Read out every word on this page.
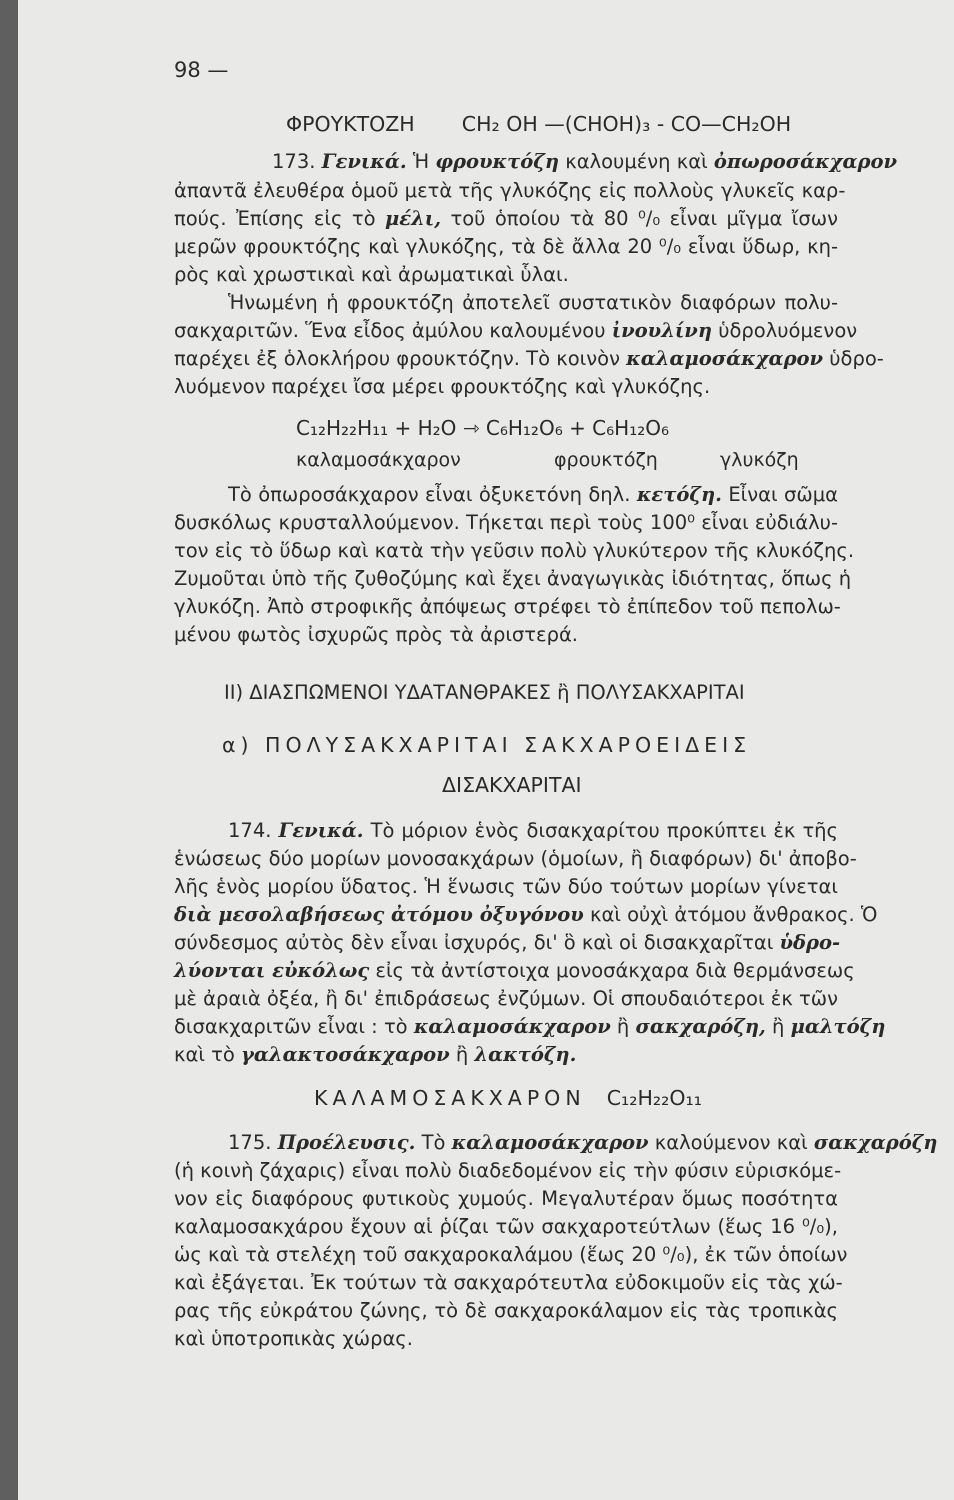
98 —
ΦΡΟΥΚΤΟΖΗ CH₂ OH —(CHOH)₃ - CO—CH₂OH
173. Γενικά. Ἡ φρουκτόζη καλουμένη καὶ ὀπωροσάκχαρον
ἀπαντᾶ ἐλευθέρα ὁμοῦ μετὰ τῆς γλυκόζης εἰς πολλοὺς γλυκεῖς καρ-
πούς. Ἐπίσης εἰς τὸ μέλι, τοῦ ὁποίου τὰ 80 ⁰/₀ εἶναι μῖγμα ἴσων
μερῶν φρουκτόζης καὶ γλυκόζης, τὰ δὲ ἄλλα 20 ⁰/₀ εἶναι ὕδωρ, κη-
ρὸς καὶ χρωστικαὶ καὶ ἀρωματικαὶ ὗλαι.
Ἡνωμένη ἡ φρουκτόζη ἀποτελεῖ συστατικὸν διαφόρων πολυ-
σακχαριτῶν. Ἕνα εἶδος ἀμύλου καλουμένου ἰνουλίνη ὑδρολυόμενον
παρέχει ἐξ ὁλοκλήρου φρουκτόζην. Τὸ κοινὸν καλαμοσάκχαρον ὑδρο-
λυόμενον παρέχει ἴσα μέρει φρουκτόζης καὶ γλυκόζης.
C₁₂H₂₂H₁₁ + H₂O ⇾ C₆H₁₂O₆ + C₆H₁₂O₆
καλαμοσάκχαρον	φρουκτόζη	γλυκόζη
Τὸ ὀπωροσάκχαρον εἶναι ὀξυκετόνη δηλ. κετόζη. Εἶναι σῶμα
δυσκόλως κρυσταλλούμενον. Τήκεται περὶ τοὺς 100⁰ εἶναι εὐδιάλυ-
τον εἰς τὸ ὕδωρ καὶ κατὰ τὴν γεῦσιν πολὺ γλυκύτερον τῆς κλυκόζης.
Ζυμοῦται ὑπὸ τῆς ζυθοζύμης καὶ ἔχει ἀναγωγικὰς ἰδιότητας, ὅπως ἡ
γλυκόζη. Ἀπὸ στροφικῆς ἀπόψεως στρέφει τὸ ἐπίπεδον τοῦ πεπολω-
μένου φωτὸς ἰσχυρῶς πρὸς τὰ ἀριστερά.
ΙΙ) ΔΙΑΣΠΩΜΕΝΟΙ ΥΔΑΤΑΝΘΡΑΚΕΣ ἢ ΠΟΛΥΣΑΚΧΑΡΙΤΑΙ
α) ΠΟΛΥΣΑΚΧΑΡΙΤΑΙ ΣΑΚΧΑΡΟΕΙΔΕΙΣ
ΔΙΣΑΚΧΑΡΙΤΑΙ
174. Γενικά. Τὸ μόριον ἑνὸς δισακχαρίτου προκύπτει ἐκ τῆς
ἑνώσεως δύο μορίων μονοσακχάρων (ὁμοίων, ἢ διαφόρων) δι' ἀποβο-
λῆς ἑνὸς μορίου ὕδατος. Ἡ ἕνωσις τῶν δύο τούτων μορίων γίνεται
διὰ μεσολαβήσεως ἀτόμου ὀξυγόνου καὶ οὐχὶ ἀτόμου ἄνθρακος. Ὁ
σύνδεσμος αὐτὸς δὲν εἶναι ἰσχυρός, δι' ὃ καὶ οἱ δισακχαρῖται ὑδρο-
λύονται εὐκόλως εἰς τὰ ἀντίστοιχα μονοσάκχαρα διὰ θερμάνσεως
μὲ ἀραιὰ ὀξέα, ἢ δι' ἐπιδράσεως ἐνζύμων. Οἱ σπουδαιότεροι ἐκ τῶν
δισακχαριτῶν εἶναι : τὸ καλαμοσάκχαρον ἢ σακχαρόζη, ἢ μαλτόζη
καὶ τὸ γαλακτοσάκχαρον ἢ λακτόζη.
ΚΑΛΑΜΟΣΑΚΧΑΡΟΝ C₁₂H₂₂O₁₁
175. Προέλευσις. Τὸ καλαμοσάκχαρον καλούμενον καὶ σακχαρόζη
(ἡ κοινὴ ζάχαρις) εἶναι πολὺ διαδεδομένον εἰς τὴν φύσιν εὑρισκόμε-
νον εἰς διαφόρους φυτικοὺς χυμούς. Μεγαλυτέραν ὅμως ποσότητα
καλαμοσακχάρου ἔχουν αἱ ῥίζαι τῶν σακχαροτεύτλων (ἕως 16 ⁰/₀),
ὡς καὶ τὰ στελέχη τοῦ σακχαροκαλάμου (ἕως 20 ⁰/₀), ἐκ τῶν ὁποίων
καὶ ἐξάγεται. Ἐκ τούτων τὰ σακχαρότευτλα εὐδοκιμοῦν εἰς τὰς χώ-
ρας τῆς εὐκράτου ζώνης, τὸ δὲ σακχαροκάλαμον εἰς τὰς τροπικὰς
καὶ ὑποτροπικὰς χώρας.
